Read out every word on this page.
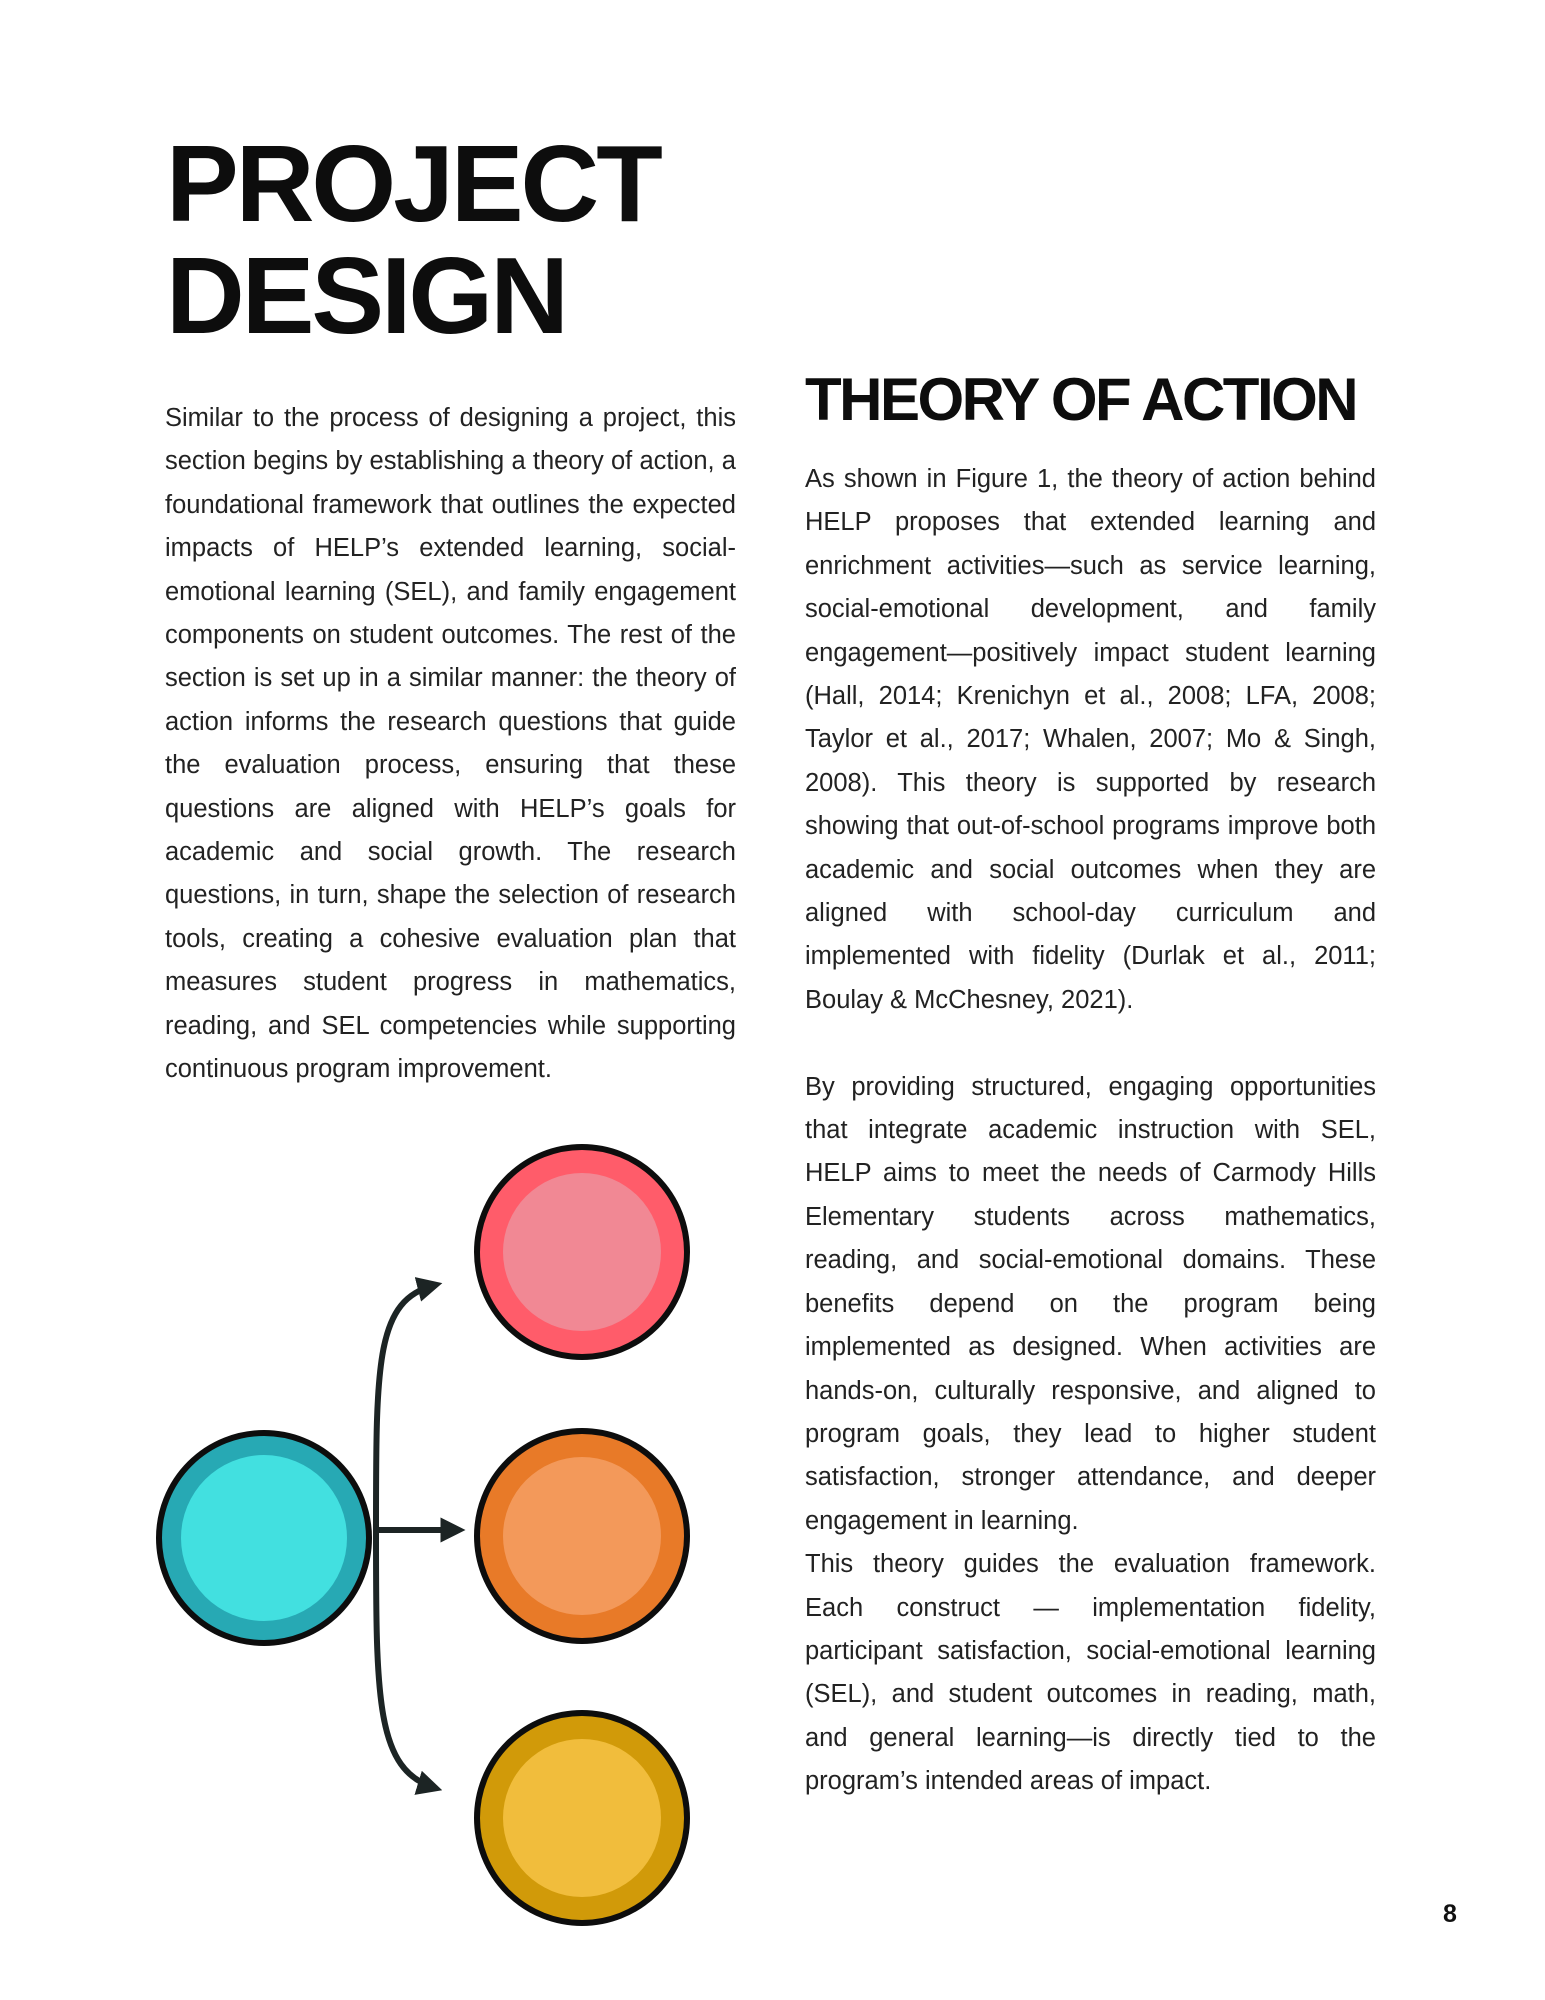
PROJECT
DESIGN

Similar to the process of designing a project, this section begins by establishing a theory of action, a foundational framework that outlines the expected impacts of HELP’s extended learning, social-emotional learning (SEL), and family engagement components on student outcomes. The rest of the section is set up in a similar manner: the theory of action informs the research questions that guide the evaluation process, ensuring that these questions are aligned with HELP’s goals for academic and social growth. The research questions, in turn, shape the selection of research tools, creating a cohesive evaluation plan that measures student progress in mathematics, reading, and SEL competencies while supporting continuous program improvement.

THEORY OF ACTION

As shown in Figure 1, the theory of action behind HELP proposes that extended learning and enrichment activities—such as service learning, social-emotional development, and family engagement—positively impact student learning (Hall, 2014; Krenichyn et al., 2008; LFA, 2008; Taylor et al., 2017; Whalen, 2007; Mo & Singh, 2008). This theory is supported by research showing that out-of-school programs improve both academic and social outcomes when they are aligned with school-day curriculum and implemented with fidelity (Durlak et al., 2011; Boulay & McChesney, 2021).

By providing structured, engaging opportunities that integrate academic instruction with SEL, HELP aims to meet the needs of Carmody Hills Elementary students across mathematics, reading, and social-emotional domains. These benefits depend on the program being implemented as designed. When activities are hands-on, culturally responsive, and aligned to program goals, they lead to higher student satisfaction, stronger attendance, and deeper engagement in learning.

This theory guides the evaluation framework. Each construct — implementation fidelity, participant satisfaction, social-emotional learning (SEL), and student outcomes in reading, math, and general learning—is directly tied to the program’s intended areas of impact.

8
